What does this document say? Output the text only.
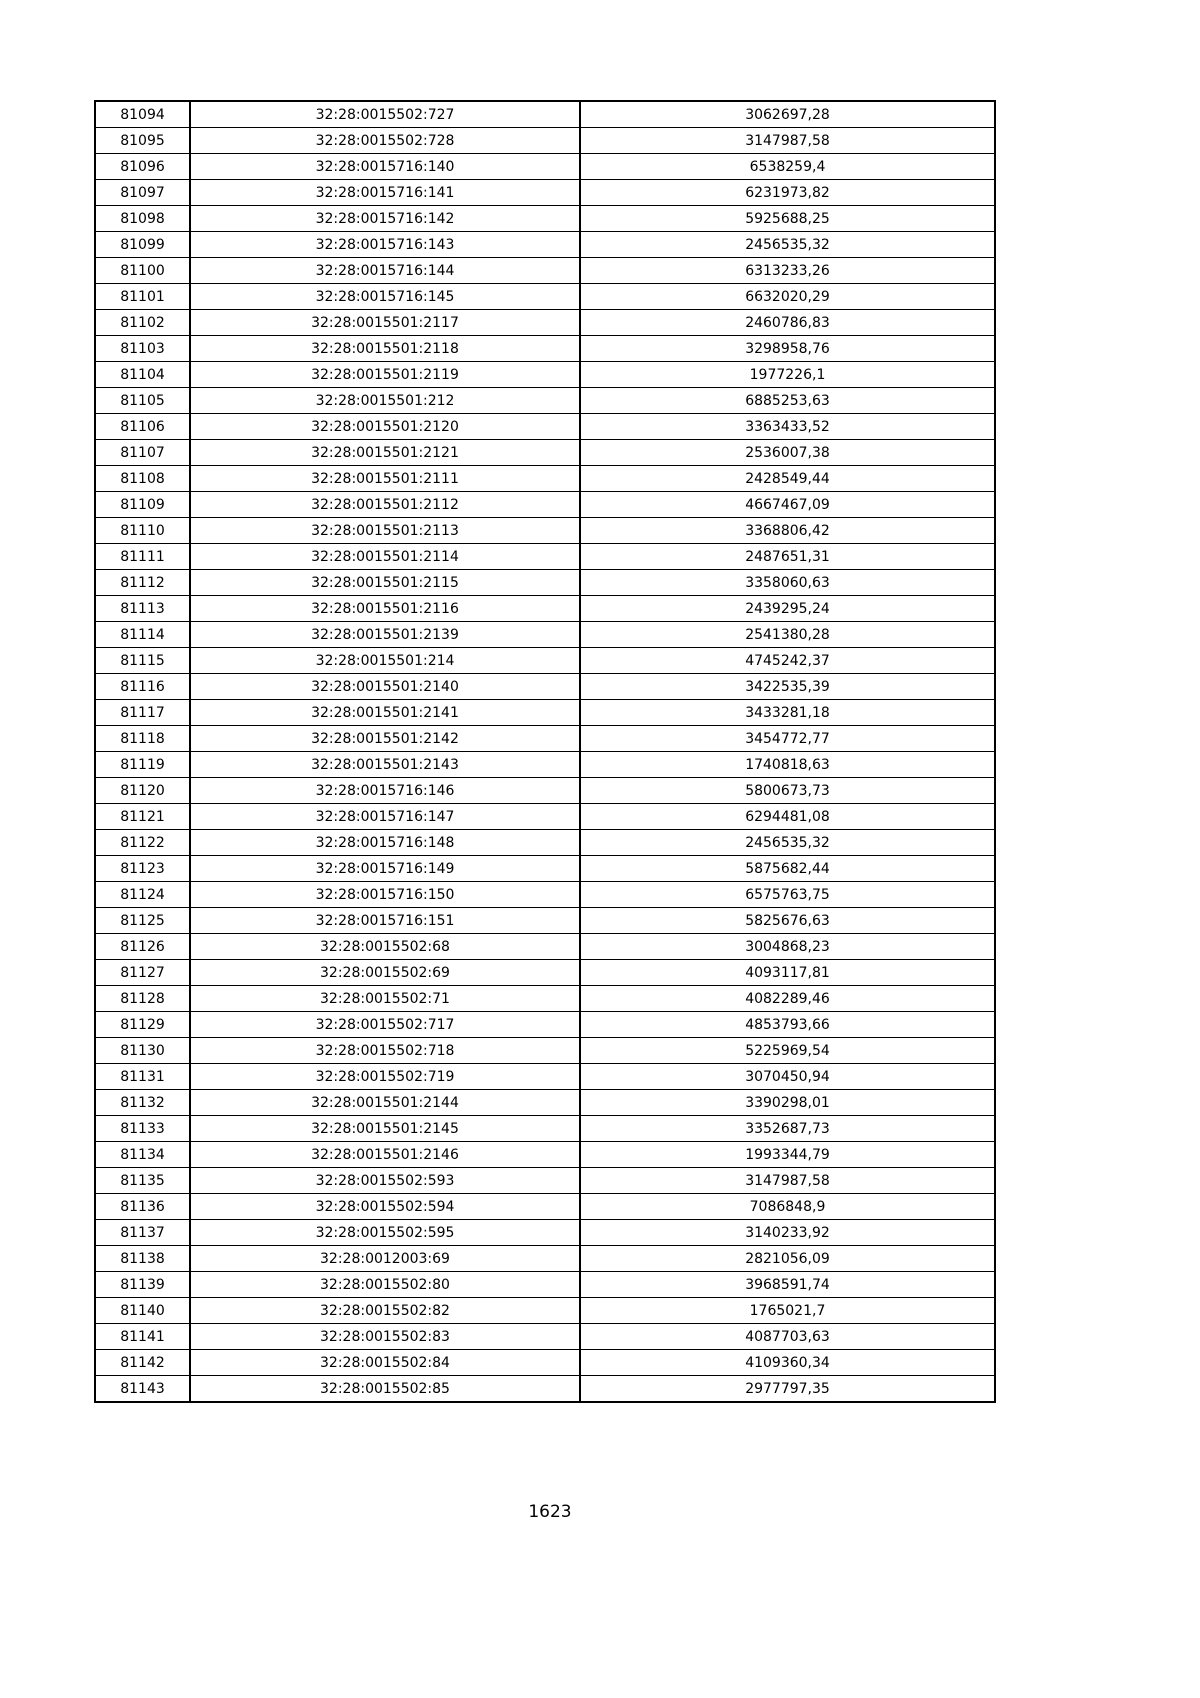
81094	32:28:0015502:727	3062697,28
81095	32:28:0015502:728	3147987,58
81096	32:28:0015716:140	6538259,4
81097	32:28:0015716:141	6231973,82
81098	32:28:0015716:142	5925688,25
81099	32:28:0015716:143	2456535,32
81100	32:28:0015716:144	6313233,26
81101	32:28:0015716:145	6632020,29
81102	32:28:0015501:2117	2460786,83
81103	32:28:0015501:2118	3298958,76
81104	32:28:0015501:2119	1977226,1
81105	32:28:0015501:212	6885253,63
81106	32:28:0015501:2120	3363433,52
81107	32:28:0015501:2121	2536007,38
81108	32:28:0015501:2111	2428549,44
81109	32:28:0015501:2112	4667467,09
81110	32:28:0015501:2113	3368806,42
81111	32:28:0015501:2114	2487651,31
81112	32:28:0015501:2115	3358060,63
81113	32:28:0015501:2116	2439295,24
81114	32:28:0015501:2139	2541380,28
81115	32:28:0015501:214	4745242,37
81116	32:28:0015501:2140	3422535,39
81117	32:28:0015501:2141	3433281,18
81118	32:28:0015501:2142	3454772,77
81119	32:28:0015501:2143	1740818,63
81120	32:28:0015716:146	5800673,73
81121	32:28:0015716:147	6294481,08
81122	32:28:0015716:148	2456535,32
81123	32:28:0015716:149	5875682,44
81124	32:28:0015716:150	6575763,75
81125	32:28:0015716:151	5825676,63
81126	32:28:0015502:68	3004868,23
81127	32:28:0015502:69	4093117,81
81128	32:28:0015502:71	4082289,46
81129	32:28:0015502:717	4853793,66
81130	32:28:0015502:718	5225969,54
81131	32:28:0015502:719	3070450,94
81132	32:28:0015501:2144	3390298,01
81133	32:28:0015501:2145	3352687,73
81134	32:28:0015501:2146	1993344,79
81135	32:28:0015502:593	3147987,58
81136	32:28:0015502:594	7086848,9
81137	32:28:0015502:595	3140233,92
81138	32:28:0012003:69	2821056,09
81139	32:28:0015502:80	3968591,74
81140	32:28:0015502:82	1765021,7
81141	32:28:0015502:83	4087703,63
81142	32:28:0015502:84	4109360,34
81143	32:28:0015502:85	2977797,35
1623
